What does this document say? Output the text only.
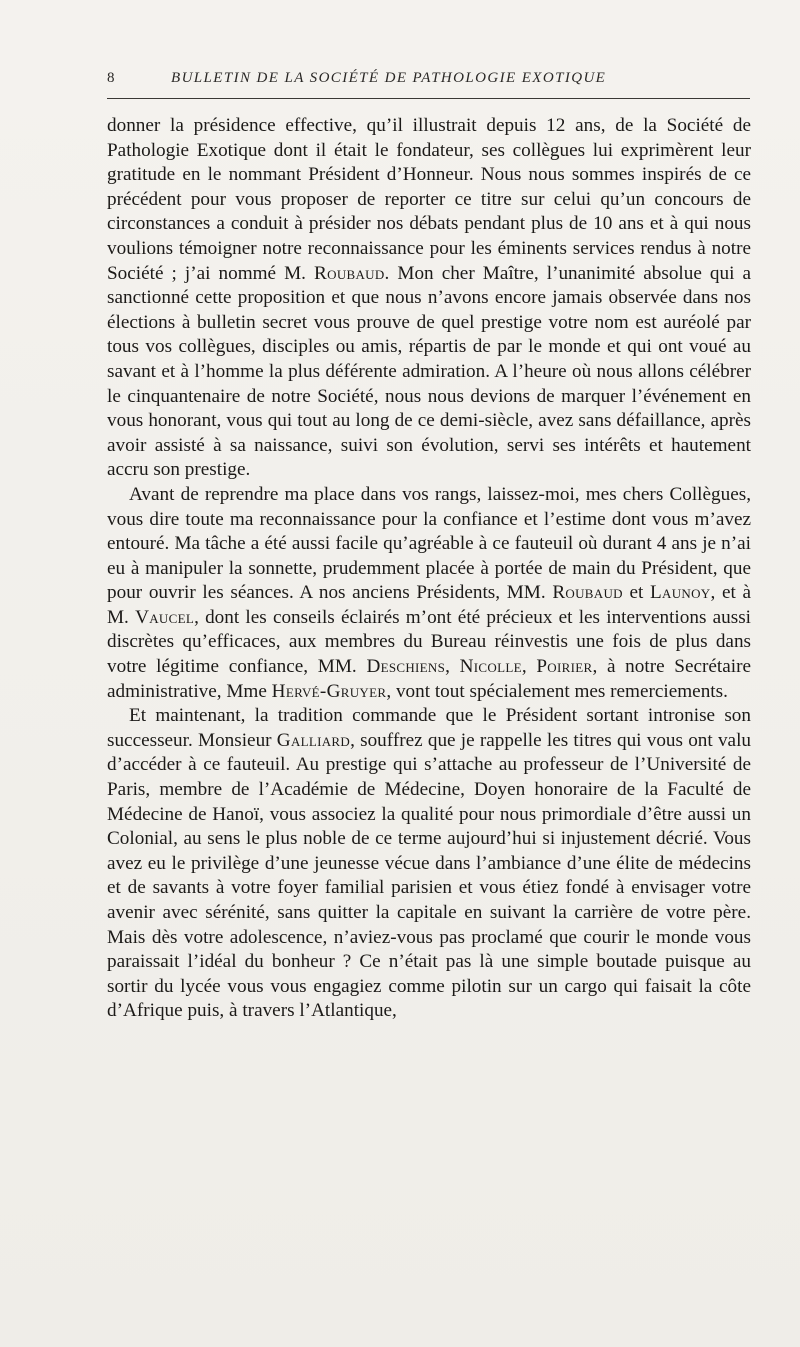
8	BULLETIN DE LA SOCIÉTÉ DE PATHOLOGIE EXOTIQUE

donner la présidence effective, qu’il illustrait depuis 12 ans, de la Société de Pathologie Exotique dont il était le fondateur, ses collègues lui exprimèrent leur gratitude en le nommant Président d’Honneur. Nous nous sommes inspirés de ce précédent pour vous proposer de reporter ce titre sur celui qu’un concours de circonstances a conduit à présider nos débats pendant plus de 10 ans et à qui nous voulions témoigner notre reconnaissance pour les éminents services rendus à notre Société ; j’ai nommé M. Roubaud. Mon cher Maître, l’unanimité absolue qui a sanctionné cette proposition et que nous n’avons encore jamais observée dans nos élections à bulletin secret vous prouve de quel prestige votre nom est auréolé par tous vos collègues, disciples ou amis, répartis de par le monde et qui ont voué au savant et à l’homme la plus déférente admiration. A l’heure où nous allons célébrer le cinquantenaire de notre Société, nous nous devions de marquer l’événement en vous honorant, vous qui tout au long de ce demi-siècle, avez sans défaillance, après avoir assisté à sa naissance, suivi son évolution, servi ses intérêts et hautement accru son prestige.

Avant de reprendre ma place dans vos rangs, laissez-moi, mes chers Collègues, vous dire toute ma reconnaissance pour la confiance et l’estime dont vous m’avez entouré. Ma tâche a été aussi facile qu’agréable à ce fauteuil où durant 4 ans je n’ai eu à manipuler la sonnette, prudemment placée à portée de main du Président, que pour ouvrir les séances. A nos anciens Présidents, MM. Roubaud et Launoy, et à M. Vaucel, dont les conseils éclairés m’ont été précieux et les interventions aussi discrètes qu’efficaces, aux membres du Bureau réinvestis une fois de plus dans votre légitime confiance, MM. Deschiens, Nicolle, Poirier, à notre Secrétaire administrative, Mme Hervé-Gruyer, vont tout spécialement mes remerciements.

Et maintenant, la tradition commande que le Président sortant intronise son successeur. Monsieur Galliard, souffrez que je rappelle les titres qui vous ont valu d’accéder à ce fauteuil. Au prestige qui s’attache au professeur de l’Université de Paris, membre de l’Académie de Médecine, Doyen honoraire de la Faculté de Médecine de Hanoï, vous associez la qualité pour nous primordiale d’être aussi un Colonial, au sens le plus noble de ce terme aujourd’hui si injustement décrié. Vous avez eu le privilège d’une jeunesse vécue dans l’ambiance d’une élite de médecins et de savants à votre foyer familial parisien et vous étiez fondé à envisager votre avenir avec sérénité, sans quitter la capitale en suivant la carrière de votre père. Mais dès votre adolescence, n’aviez-vous pas proclamé que courir le monde vous paraissait l’idéal du bonheur ? Ce n’était pas là une simple boutade puisque au sortir du lycée vous vous engagiez comme pilotin sur un cargo qui faisait la côte d’Afrique puis, à travers l’Atlantique,
